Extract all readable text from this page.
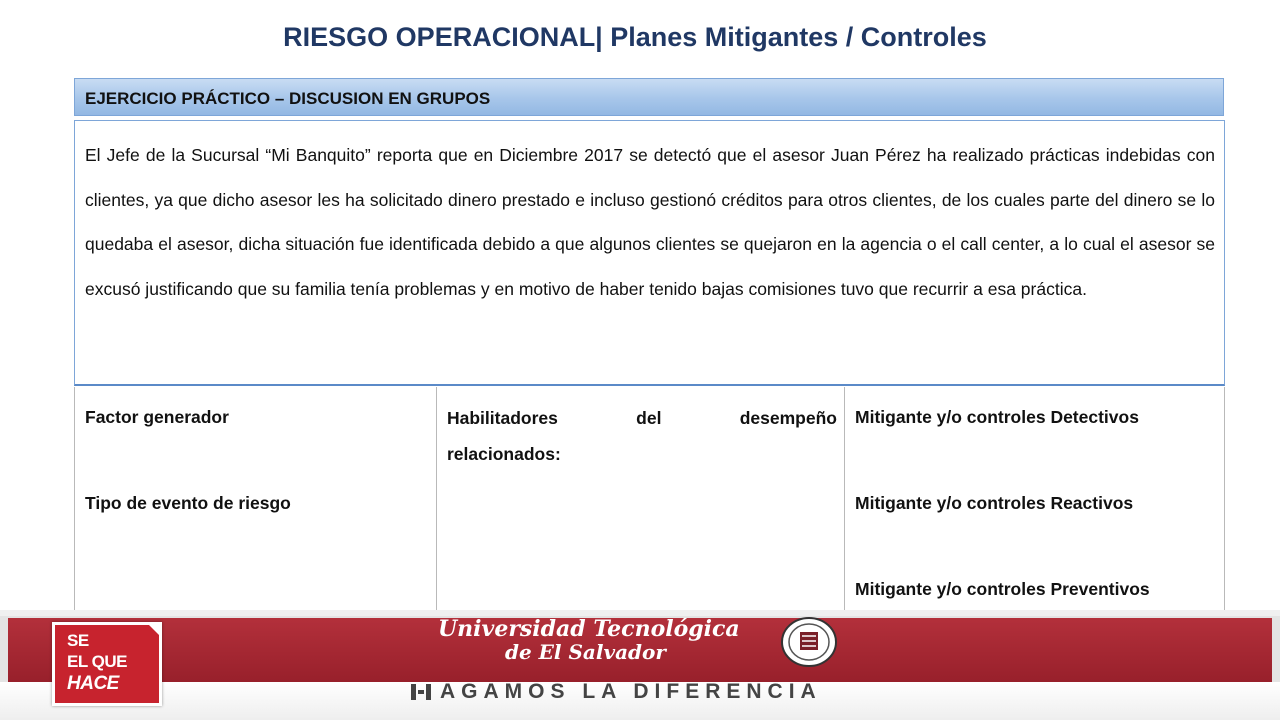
RIESGO OPERACIONAL| Planes Mitigantes / Controles
EJERCICIO PRÁCTICO – DISCUSION EN GRUPOS

El Jefe de la Sucursal “Mi Banquito” reporta que en Diciembre 2017 se detectó que el asesor Juan Pérez ha realizado prácticas indebidas con clientes, ya que dicho asesor les ha solicitado dinero prestado e incluso gestionó créditos para otros clientes, de los cuales parte del dinero se lo quedaba el asesor, dicha situación fue identificada debido a que algunos clientes se quejaron en la agencia o el call center, a lo cual el asesor se excusó justificando que su familia tenía problemas y en motivo de haber tenido bajas comisiones tuvo que recurrir a esa práctica.

Factor generador
Tipo de evento de riesgo
Habilitadores	del	desempeño
relacionados:
Mitigante y/o controles Detectivos
Mitigante y/o controles Reactivos
Mitigante y/o controles Preventivos
SE
EL QUE
HACE
Universidad Tecnológica
de El Salvador
AGAMOS LA DIFERENCIA
